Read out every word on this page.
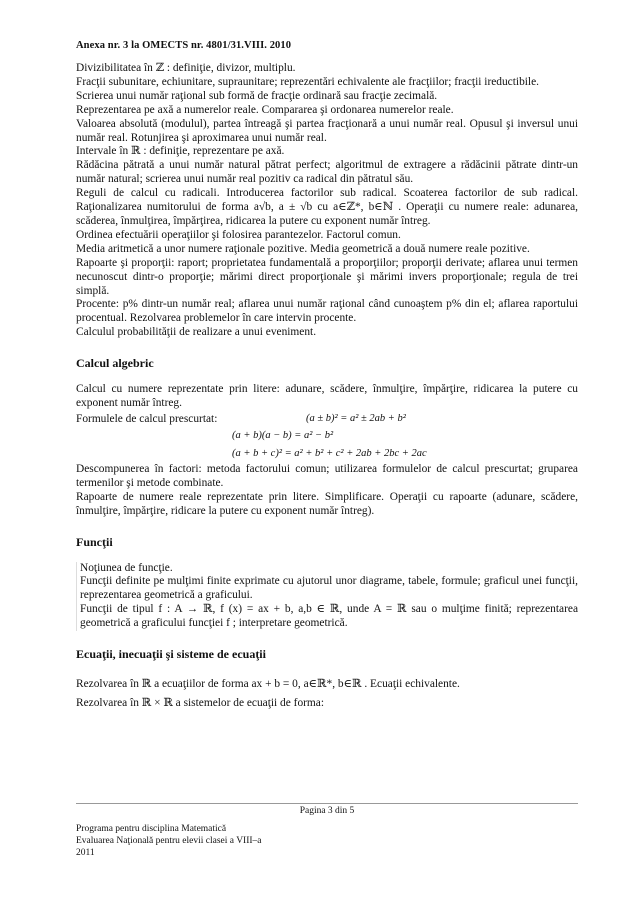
Anexa nr. 3 la OMECTS nr. 4801/31.VIII. 2010

Divizibilitatea în ℤ : definiţie, divizor, multiplu.

Fracţii subunitare, echiunitare, supraunitare; reprezentări echivalente ale fracţiilor; fracţii ireductibile.

Scrierea unui număr raţional sub formă de fracţie ordinară sau fracţie zecimală.

Reprezentarea pe axă a numerelor reale. Compararea şi ordonarea numerelor reale.

Valoarea absolută (modulul), partea întreagă şi partea fracţionară a unui număr real. Opusul şi inversul unui număr real. Rotunjirea şi aproximarea unui număr real.

Intervale în ℝ : definiţie, reprezentare pe axă.

Rădăcina pătrată a unui număr natural pătrat perfect; algoritmul de extragere a rădăcinii pătrate dintr-un număr natural; scrierea unui număr real pozitiv ca radical din pătratul său.

Reguli de calcul cu radicali. Introducerea factorilor sub radical. Scoaterea factorilor de sub radical. Raţionalizarea numitorului de forma a√b, a ± √b cu a∈ℤ*, b∈ℕ . Operaţii cu numere reale: adunarea, scăderea, înmulţirea, împărţirea, ridicarea la putere cu exponent număr întreg.

Ordinea efectuării operaţiilor şi folosirea parantezelor. Factorul comun.

Media aritmetică a unor numere raţionale pozitive. Media geometrică a două numere reale pozitive.

Rapoarte şi proporţii: raport; proprietatea fundamentală a proporţiilor; proporţii derivate; aflarea unui termen necunoscut dintr-o proporţie; mărimi direct proporţionale şi mărimi invers proporţionale; regula de trei simplă.

Procente: p% dintr-un număr real; aflarea unui număr raţional când cunoaştem p% din el; aflarea raportului procentual. Rezolvarea problemelor în care intervin procente.

Calculul probabilităţii de realizare a unui eveniment.

Calcul algebric

Calcul cu numere reprezentate prin litere: adunare, scădere, înmulţire, împărţire, ridicarea la putere cu exponent număr întreg.

Formulele de calcul prescurtat:	(a ± b)² = a² ± 2ab + b²
(a + b)(a − b) = a² − b²
(a + b + c)² = a² + b² + c² + 2ab + 2bc + 2ac

Descompunerea în factori: metoda factorului comun; utilizarea formulelor de calcul prescurtat; gruparea termenilor şi metode combinate.

Rapoarte de numere reale reprezentate prin litere. Simplificare. Operaţii cu rapoarte (adunare, scădere, înmulţire, împărţire, ridicare la putere cu exponent număr întreg).

Funcţii

Noţiunea de funcţie.

Funcţii definite pe mulţimi finite exprimate cu ajutorul unor diagrame, tabele, formule; graficul unei funcţii, reprezentarea geometrică a graficului.

Funcţii de tipul f : A → ℝ, f (x) = ax + b, a,b ∈ ℝ, unde A = ℝ sau o mulţime finită; reprezentarea geometrică a graficului funcţiei f ; interpretare geometrică.

Ecuaţii, inecuaţii şi sisteme de ecuaţii

Rezolvarea în ℝ a ecuaţiilor de forma ax + b = 0, a∈ℝ*, b∈ℝ . Ecuaţii echivalente.

Rezolvarea în ℝ × ℝ a sistemelor de ecuaţii de forma:

Pagina 3 din 5
Programa pentru disciplina Matematică
Evaluarea Naţională pentru elevii clasei a VIII–a
2011
